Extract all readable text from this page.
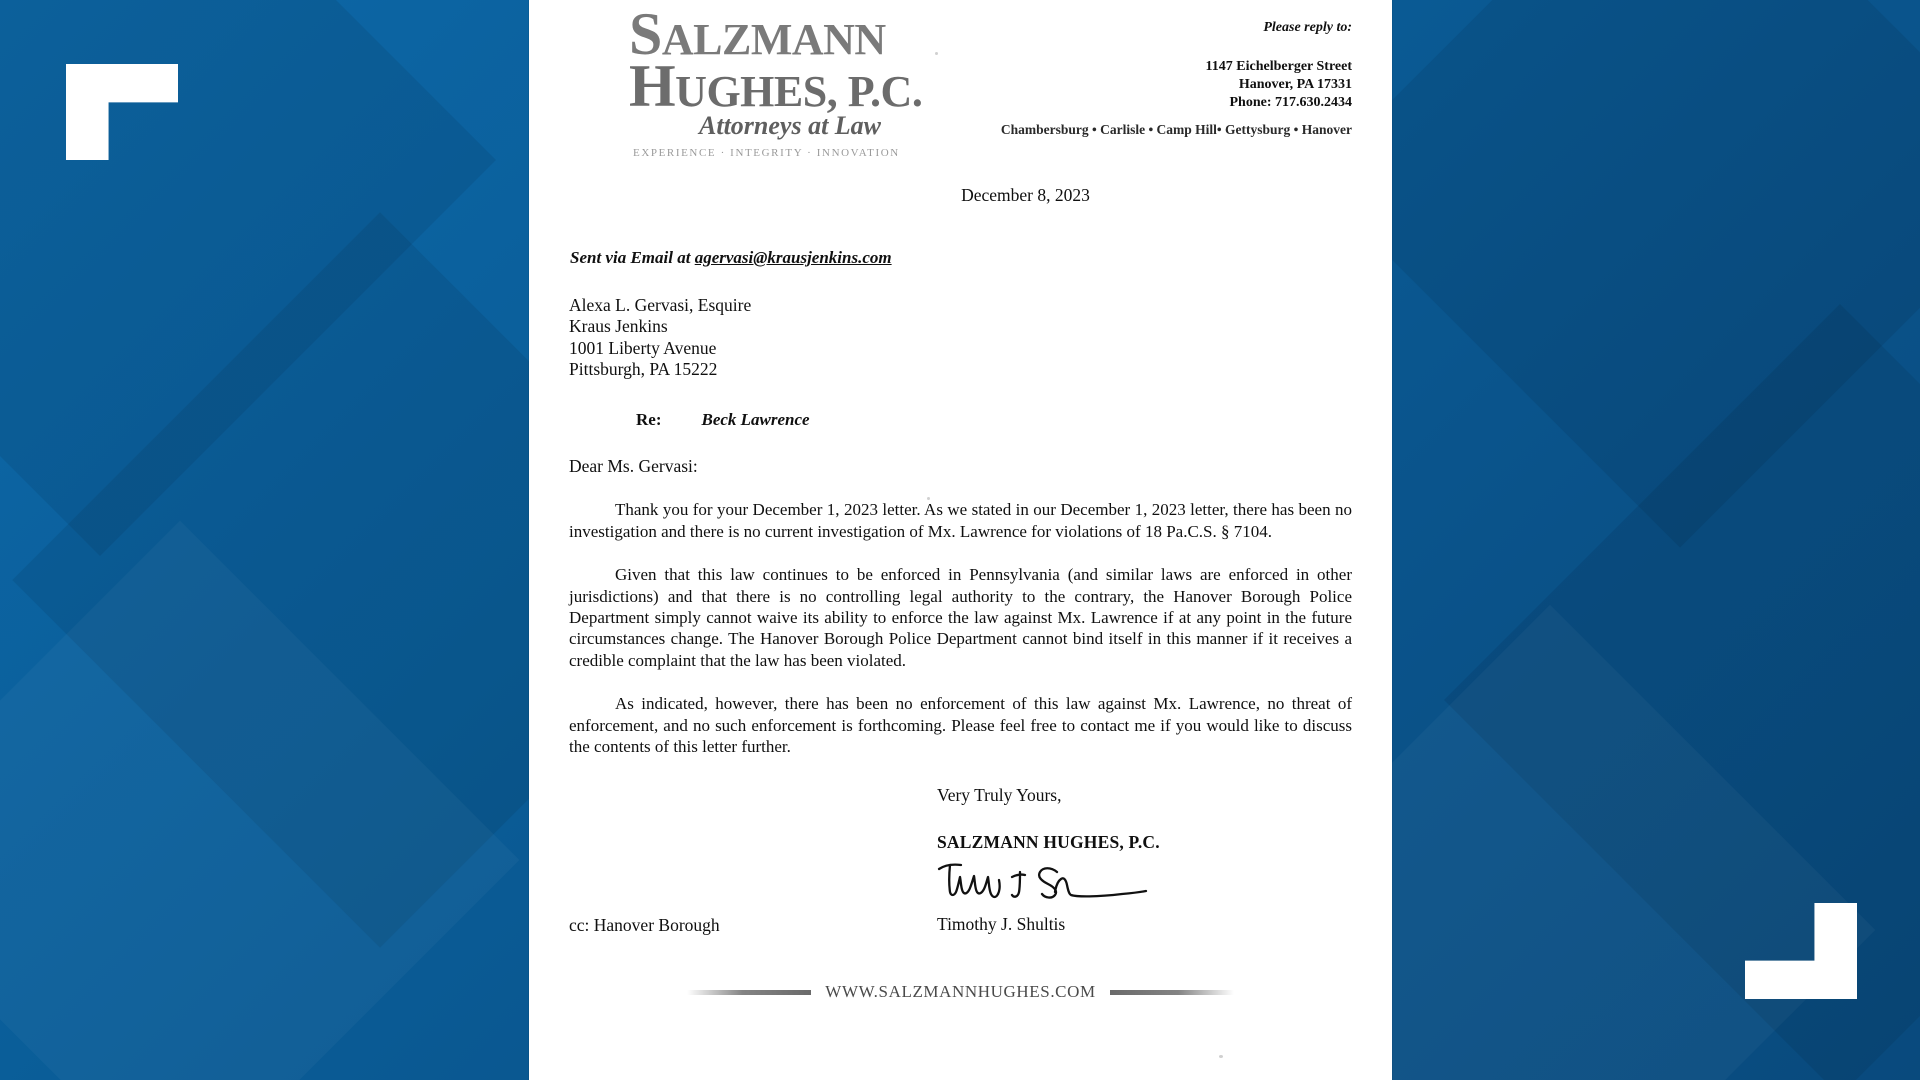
SALZMANN
HUGHES, P.C.
Attorneys at Law
EXPERIENCE · INTEGRITY · INNOVATION
Please reply to:
1147 Eichelberger Street
Hanover, PA 17331
Phone: 717.630.2434
Chambersburg • Carlisle • Camp Hill• Gettysburg • Hanover
December 8, 2023
Sent via Email at agervasi@krausjenkins.com
Alexa L. Gervasi, Esquire
Kraus Jenkins
1001 Liberty Avenue
Pittsburgh, PA 15222
Re: Beck Lawrence
Dear Ms. Gervasi:

Thank you for your December 1, 2023 letter. As we stated in our December 1, 2023 letter, there has been no investigation and there is no current investigation of Mx. Lawrence for violations of 18 Pa.C.S. § 7104.

Given that this law continues to be enforced in Pennsylvania (and similar laws are enforced in other jurisdictions) and that there is no controlling legal authority to the contrary, the Hanover Borough Police Department simply cannot waive its ability to enforce the law against Mx. Lawrence if at any point in the future circumstances change. The Hanover Borough Police Department cannot bind itself in this manner if it receives a credible complaint that the law has been violated.

As indicated, however, there has been no enforcement of this law against Mx. Lawrence, no threat of enforcement, and no such enforcement is forthcoming. Please feel free to contact me if you would like to discuss the contents of this letter further.

Very Truly Yours,
SALZMANN HUGHES, P.C.
Timothy J. Shultis
cc: Hanover Borough
WWW.SALZMANNHUGHES.COM
